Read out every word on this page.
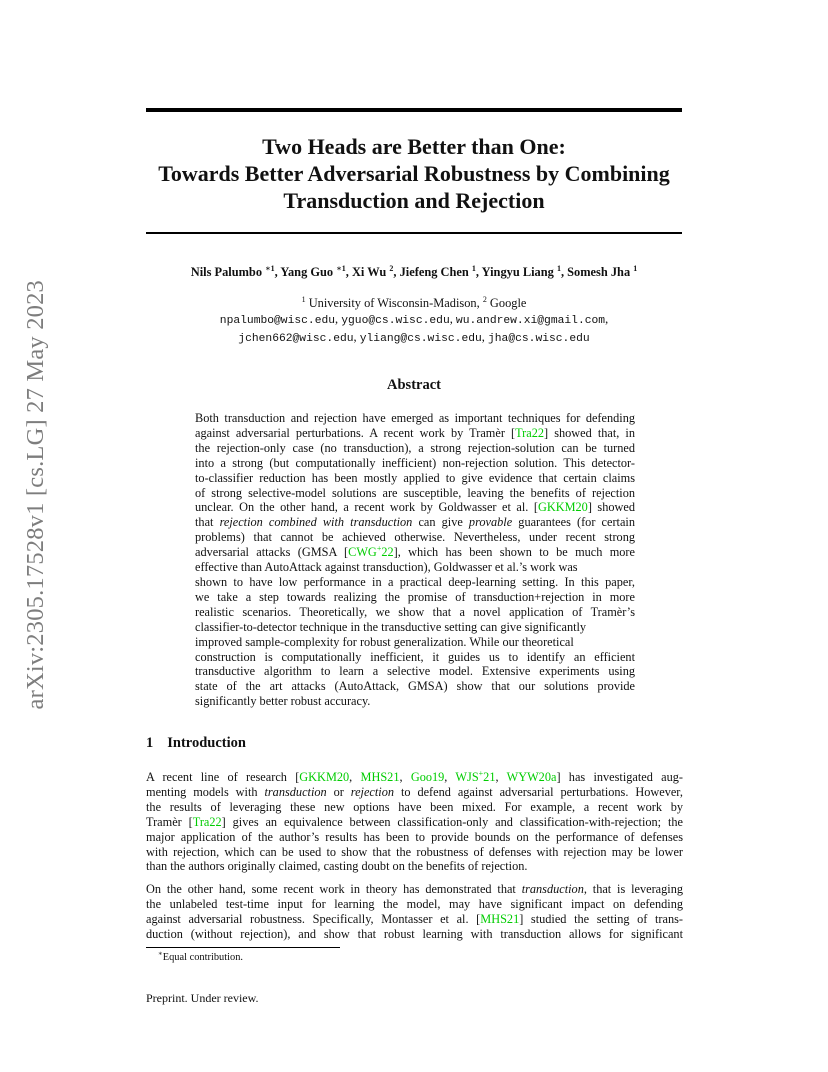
arXiv:2305.17528v1 [cs.LG] 27 May 2023
Two Heads are Better than One:
Towards Better Adversarial Robustness by Combining
Transduction and Rejection
Nils Palumbo $^{∗1}$, Yang Guo $^{∗1}$, Xi Wu $^2$, Jiefeng Chen $^1$, Yingyu Liang $^1$, Somesh Jha $^1$
$^1$ University of Wisconsin-Madison, $^2$ Google
npalumbo@wisc.edu, yguo@cs.wisc.edu, wu.andrew.xi@gmail.com,
jchen662@wisc.edu, yliang@cs.wisc.edu, jha@cs.wisc.edu
Abstract
Both transduction and rejection have emerged as important techniques for defending
against adversarial perturbations. A recent work by Tramèr [Tra22] showed that, in
the rejection-only case (no transduction), a strong rejection-solution can be turned
into a strong (but computationally inefficient) non-rejection solution. This detector-
to-classifier reduction has been mostly applied to give evidence that certain claims
of strong selective-model solutions are susceptible, leaving the benefits of rejection
unclear. On the other hand, a recent work by Goldwasser et al. [GKKM20] showed
that rejection combined with transduction can give provable guarantees (for certain
problems) that cannot be achieved otherwise. Nevertheless, under recent strong
adversarial attacks (GMSA [CWG+22], which has been shown to be much more
effective than AutoAttack against transduction), Goldwasser et al.’s work was
shown to have low performance in a practical deep-learning setting. In this paper,
we take a step towards realizing the promise of transduction+rejection in more
realistic scenarios. Theoretically, we show that a novel application of Tramèr’s
classifier-to-detector technique in the transductive setting can give significantly
improved sample-complexity for robust generalization. While our theoretical
construction is computationally inefficient, it guides us to identify an efficient
transductive algorithm to learn a selective model. Extensive experiments using
state of the art attacks (AutoAttack, GMSA) show that our solutions provide
significantly better robust accuracy.
1 Introduction
A recent line of research [GKKM20, MHS21, Goo19, WJS+21, WYW20a] has investigated aug-
menting models with transduction or rejection to defend against adversarial perturbations. However,
the results of leveraging these new options have been mixed. For example, a recent work by
Tramèr [Tra22] gives an equivalence between classification-only and classification-with-rejection; the
major application of the author’s results has been to provide bounds on the performance of defenses
with rejection, which can be used to show that the robustness of defenses with rejection may be lower
than the authors originally claimed, casting doubt on the benefits of rejection.
On the other hand, some recent work in theory has demonstrated that transduction, that is leveraging
the unlabeled test-time input for learning the model, may have significant impact on defending
against adversarial robustness. Specifically, Montasser et al. [MHS21] studied the setting of trans-
duction (without rejection), and show that robust learning with transduction allows for significant
∗Equal contribution.
Preprint. Under review.
